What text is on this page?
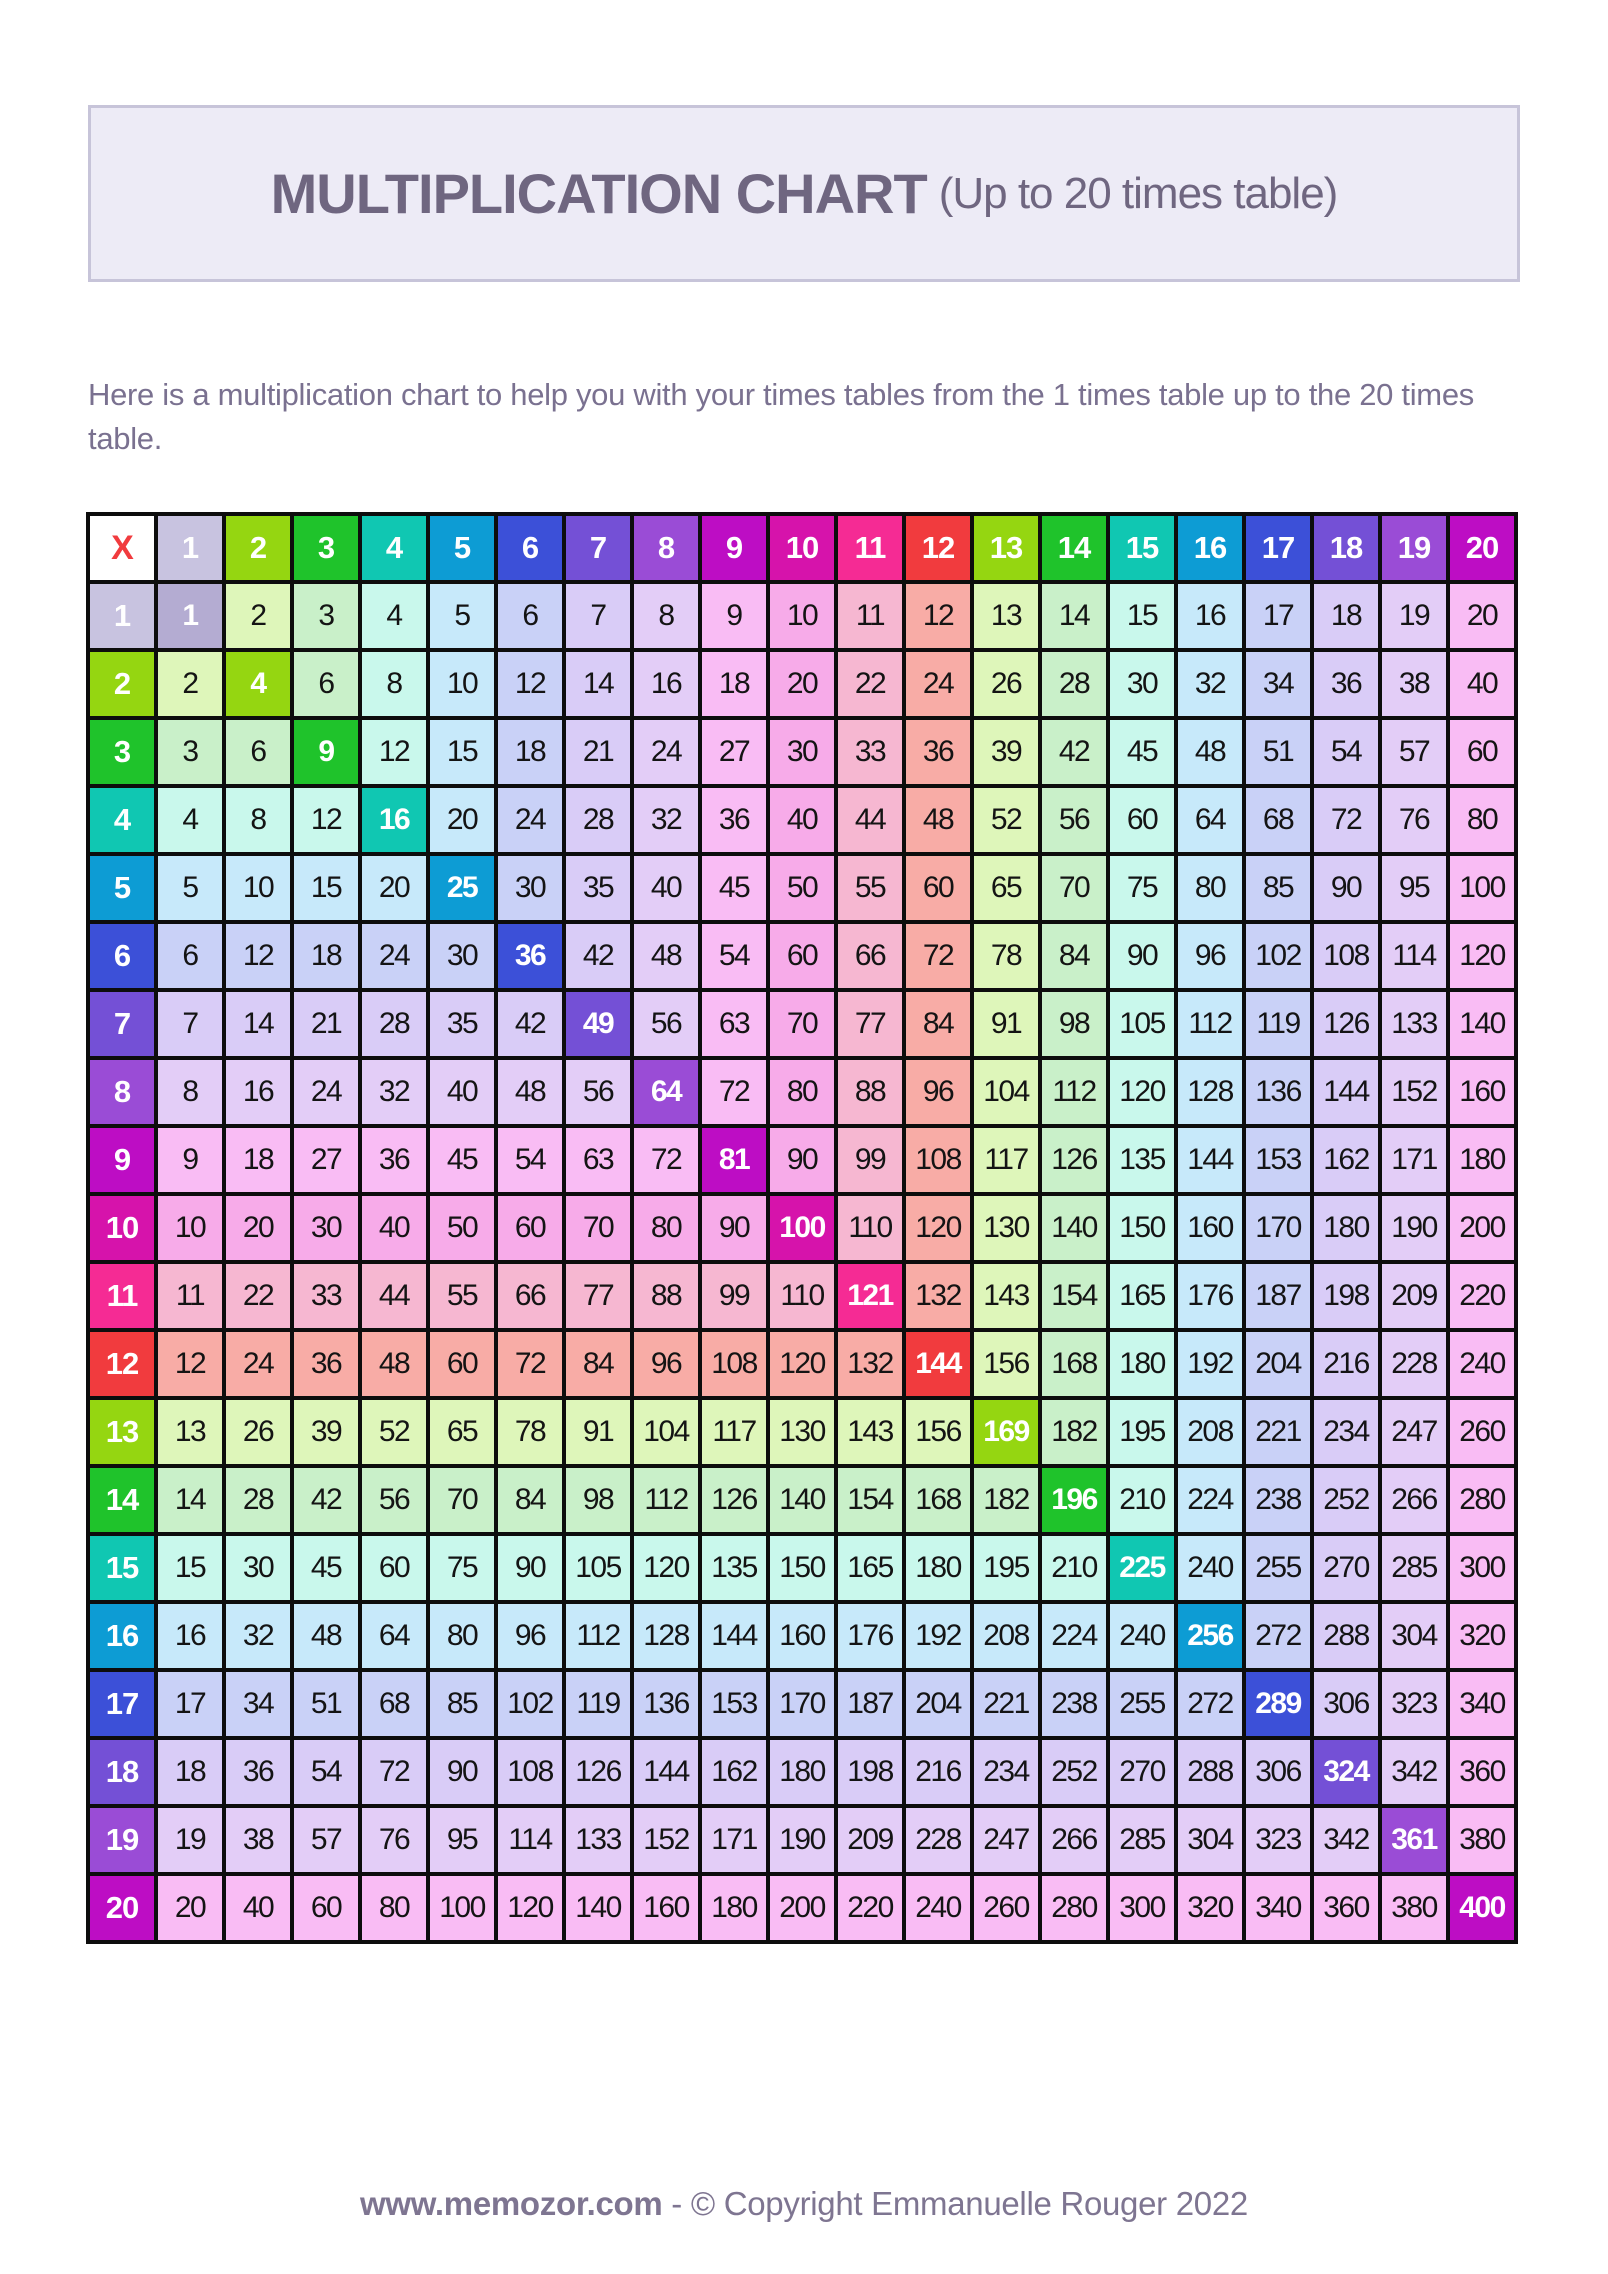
MULTIPLICATION CHART (Up to 20 times table)

Here is a multiplication chart to help you with your times tables from the 1 times table up to the 20 times table.

X	1	2	3	4	5	6	7	8	9	10	11	12	13	14	15	16	17	18	19	20
1	1	2	3	4	5	6	7	8	9	10	11	12	13	14	15	16	17	18	19	20
2	2	4	6	8	10	12	14	16	18	20	22	24	26	28	30	32	34	36	38	40
3	3	6	9	12	15	18	21	24	27	30	33	36	39	42	45	48	51	54	57	60
4	4	8	12	16	20	24	28	32	36	40	44	48	52	56	60	64	68	72	76	80
5	5	10	15	20	25	30	35	40	45	50	55	60	65	70	75	80	85	90	95	100
6	6	12	18	24	30	36	42	48	54	60	66	72	78	84	90	96	102	108	114	120
7	7	14	21	28	35	42	49	56	63	70	77	84	91	98	105	112	119	126	133	140
8	8	16	24	32	40	48	56	64	72	80	88	96	104	112	120	128	136	144	152	160
9	9	18	27	36	45	54	63	72	81	90	99	108	117	126	135	144	153	162	171	180
10	10	20	30	40	50	60	70	80	90	100	110	120	130	140	150	160	170	180	190	200
11	11	22	33	44	55	66	77	88	99	110	121	132	143	154	165	176	187	198	209	220
12	12	24	36	48	60	72	84	96	108	120	132	144	156	168	180	192	204	216	228	240
13	13	26	39	52	65	78	91	104	117	130	143	156	169	182	195	208	221	234	247	260
14	14	28	42	56	70	84	98	112	126	140	154	168	182	196	210	224	238	252	266	280
15	15	30	45	60	75	90	105	120	135	150	165	180	195	210	225	240	255	270	285	300
16	16	32	48	64	80	96	112	128	144	160	176	192	208	224	240	256	272	288	304	320
17	17	34	51	68	85	102	119	136	153	170	187	204	221	238	255	272	289	306	323	340
18	18	36	54	72	90	108	126	144	162	180	198	216	234	252	270	288	306	324	342	360
19	19	38	57	76	95	114	133	152	171	190	209	228	247	266	285	304	323	342	361	380
20	20	40	60	80	100	120	140	160	180	200	220	240	260	280	300	320	340	360	380	400
www.memozor.com - © Copyright Emmanuelle Rouger 2022
